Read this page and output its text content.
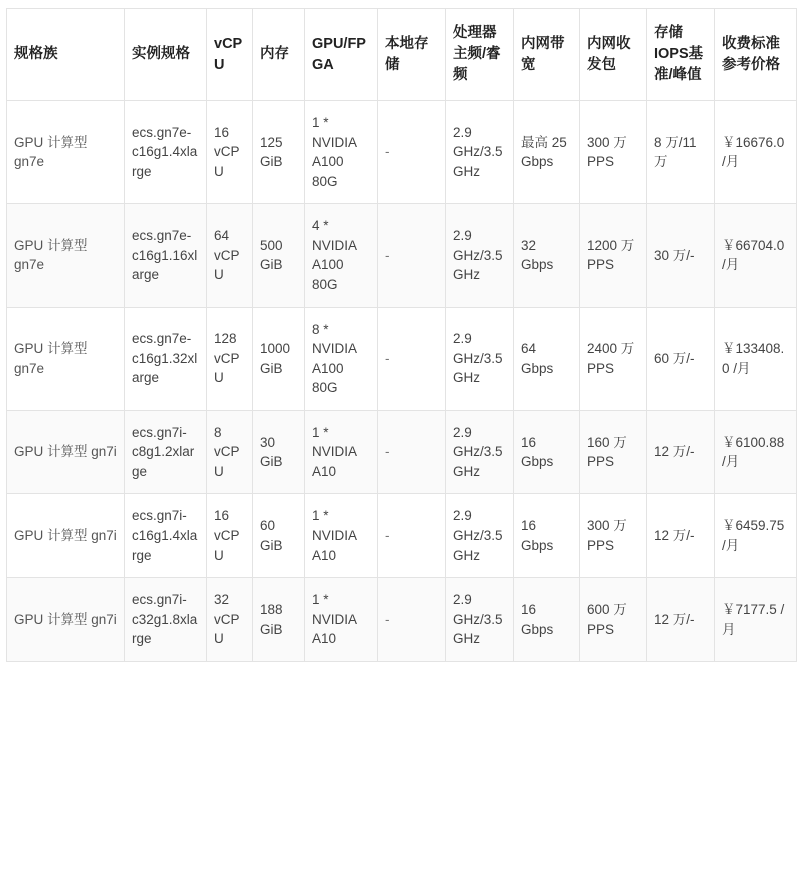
规格族	实例规格	vCPU	内存	GPU/FPGA	本地存储	处理器主频/睿频	内网带宽	内网收发包	存储IOPS基准/峰值	收费标准参考价格
GPU 计算型 gn7e	ecs.gn7e-c16g1.4xlarge	16 vCPU	125 GiB	1 * NVIDIA A100 80G	-	2.9 GHz/3.5 GHz	最高 25 Gbps	300 万 PPS	8 万/11 万	￥16676.0 /月
GPU 计算型 gn7e	ecs.gn7e-c16g1.16xlarge	64 vCPU	500 GiB	4 * NVIDIA A100 80G	-	2.9 GHz/3.5 GHz	32 Gbps	1200 万 PPS	30 万/-	￥66704.0 /月
GPU 计算型 gn7e	ecs.gn7e-c16g1.32xlarge	128 vCPU	1000 GiB	8 * NVIDIA A100 80G	-	2.9 GHz/3.5 GHz	64 Gbps	2400 万 PPS	60 万/-	￥133408.0 /月
GPU 计算型 gn7i	ecs.gn7i-c8g1.2xlarge	8 vCPU	30 GiB	1 * NVIDIA A10	-	2.9 GHz/3.5 GHz	16 Gbps	160 万 PPS	12 万/-	￥6100.88 /月
GPU 计算型 gn7i	ecs.gn7i-c16g1.4xlarge	16 vCPU	60 GiB	1 * NVIDIA A10	-	2.9 GHz/3.5 GHz	16 Gbps	300 万 PPS	12 万/-	￥6459.75 /月
GPU 计算型 gn7i	ecs.gn7i-c32g1.8xlarge	32 vCPU	188 GiB	1 * NVIDIA A10	-	2.9 GHz/3.5 GHz	16 Gbps	600 万 PPS	12 万/-	￥7177.5 /月
